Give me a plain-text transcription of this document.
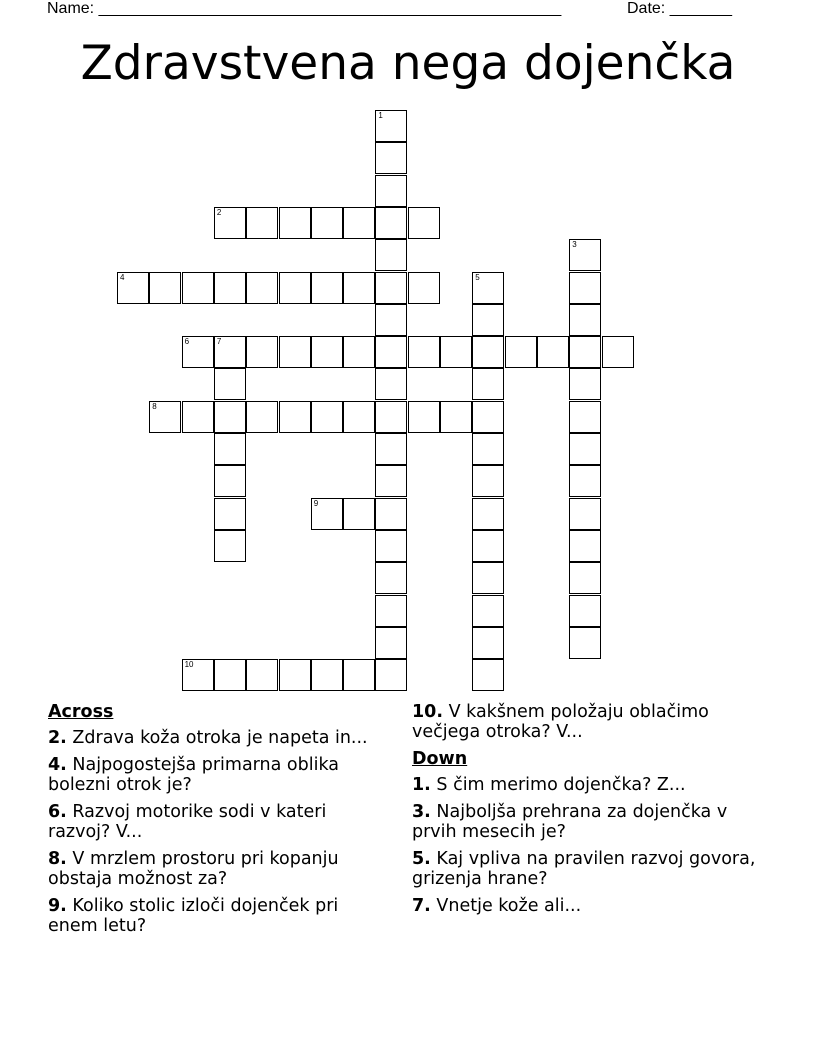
Name: ____________________________________________________	Date: _______
Zdravstvena nega dojenčka
1
2
3
4	5
6	7
8
9
10
Across
2. Zdrava koža otroka je napeta in...
4. Najpogostejša primarna oblika bolezni otrok je?
6. Razvoj motorike sodi v kateri razvoj? V...
8. V mrzlem prostoru pri kopanju obstaja možnost za?
9. Koliko stolic izloči dojenček pri enem letu?
10. V kakšnem položaju oblačimo večjega otroka? V...
Down
1. S čim merimo dojenčka? Z...
3. Najboljša prehrana za dojenčka v prvih mesecih je?
5. Kaj vpliva na pravilen razvoj govora, grizenja hrane?
7. Vnetje kože ali...
